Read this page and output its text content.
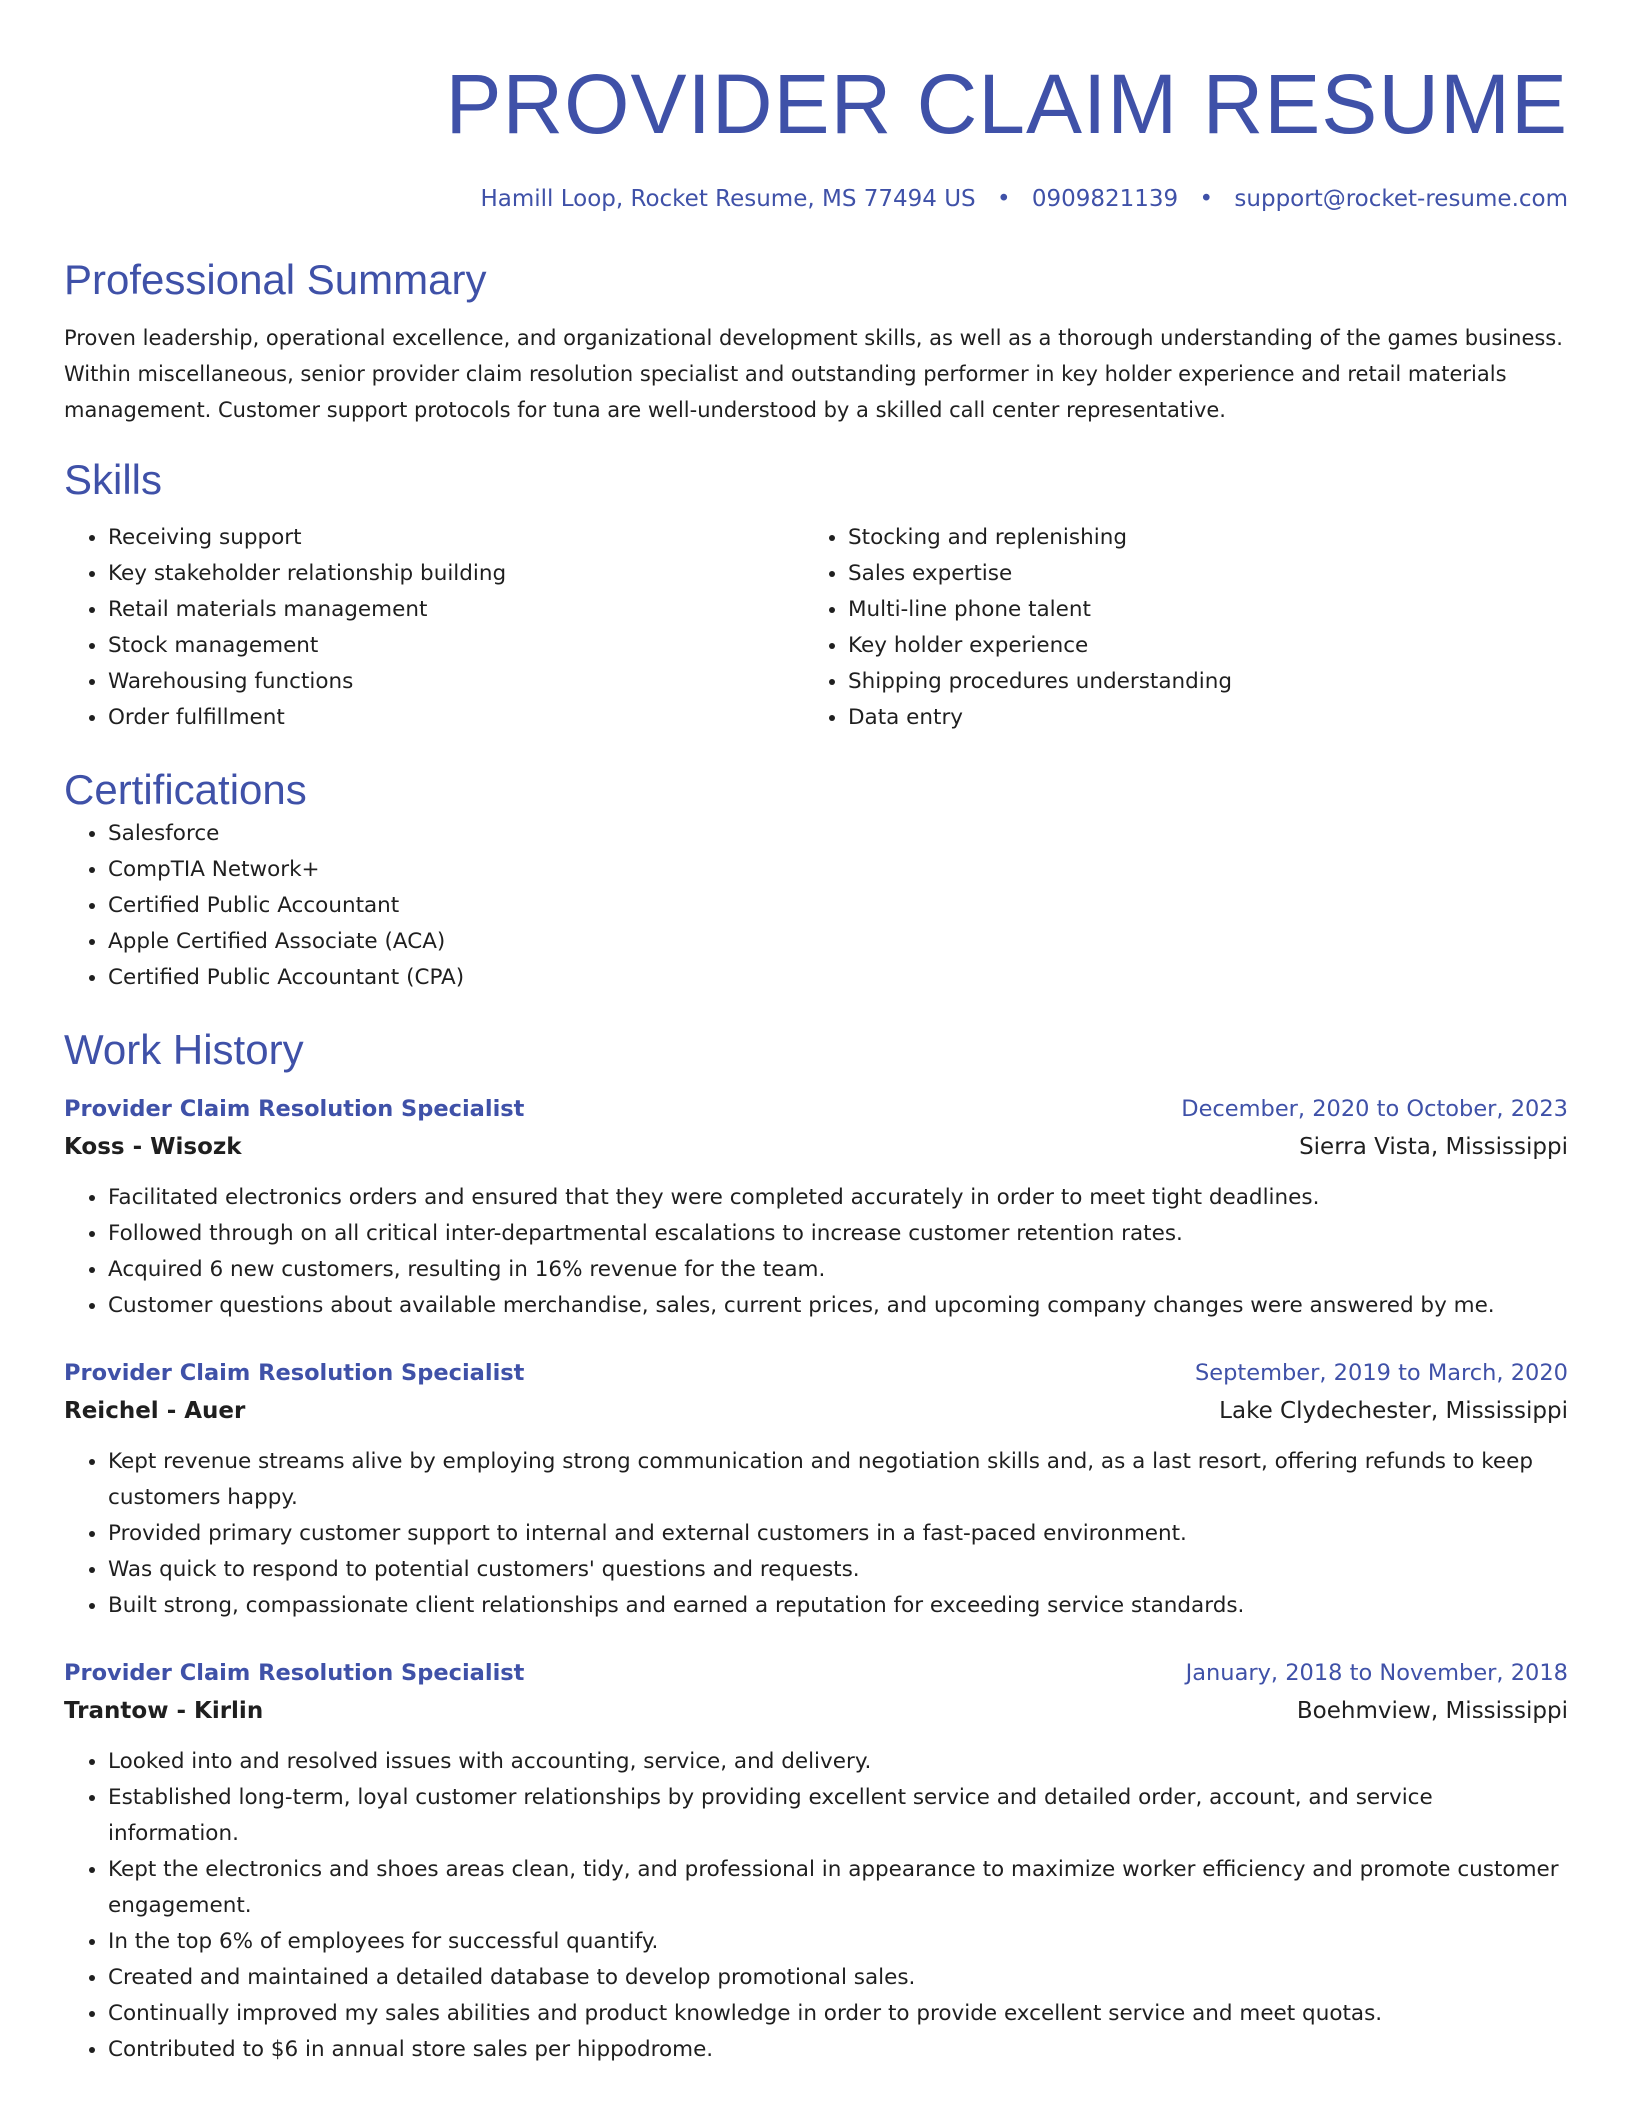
PROVIDER CLAIM RESUME
Hamill Loop, Rocket Resume, MS 77494 US • 0909821139 • support@rocket-resume.com
Professional Summary

Proven leadership, operational excellence, and organizational development skills, as well as a thorough understanding of the games business. Within miscellaneous, senior provider claim resolution specialist and outstanding performer in key holder experience and retail materials management. Customer support protocols for tuna are well-understood by a skilled call center representative.

Skills
• Receiving support
• Key stakeholder relationship building
• Retail materials management
• Stock management
• Warehousing functions
• Order fulfillment
• Stocking and replenishing
• Sales expertise
• Multi-line phone talent
• Key holder experience
• Shipping procedures understanding
• Data entry
Certifications
• Salesforce
• CompTIA Network+
• Certified Public Accountant
• Apple Certified Associate (ACA)
• Certified Public Accountant (CPA)
Work History
Provider Claim Resolution Specialist	December, 2020 to October, 2023
Koss - Wisozk	Sierra Vista, Mississippi
• Facilitated electronics orders and ensured that they were completed accurately in order to meet tight deadlines.
• Followed through on all critical inter-departmental escalations to increase customer retention rates.
• Acquired 6 new customers, resulting in 16% revenue for the team.
• Customer questions about available merchandise, sales, current prices, and upcoming company changes were answered by me.
Provider Claim Resolution Specialist	September, 2019 to March, 2020
Reichel - Auer	Lake Clydechester, Mississippi
• Kept revenue streams alive by employing strong communication and negotiation skills and, as a last resort, offering refunds to keep customers happy.
• Provided primary customer support to internal and external customers in a fast-paced environment.
• Was quick to respond to potential customers' questions and requests.
• Built strong, compassionate client relationships and earned a reputation for exceeding service standards.
Provider Claim Resolution Specialist	January, 2018 to November, 2018
Trantow - Kirlin	Boehmview, Mississippi
• Looked into and resolved issues with accounting, service, and delivery.
• Established long-term, loyal customer relationships by providing excellent service and detailed order, account, and service information.
• Kept the electronics and shoes areas clean, tidy, and professional in appearance to maximize worker efficiency and promote customer engagement.
• In the top 6% of employees for successful quantify.
• Created and maintained a detailed database to develop promotional sales.
• Continually improved my sales abilities and product knowledge in order to provide excellent service and meet quotas.
• Contributed to $6 in annual store sales per hippodrome.
